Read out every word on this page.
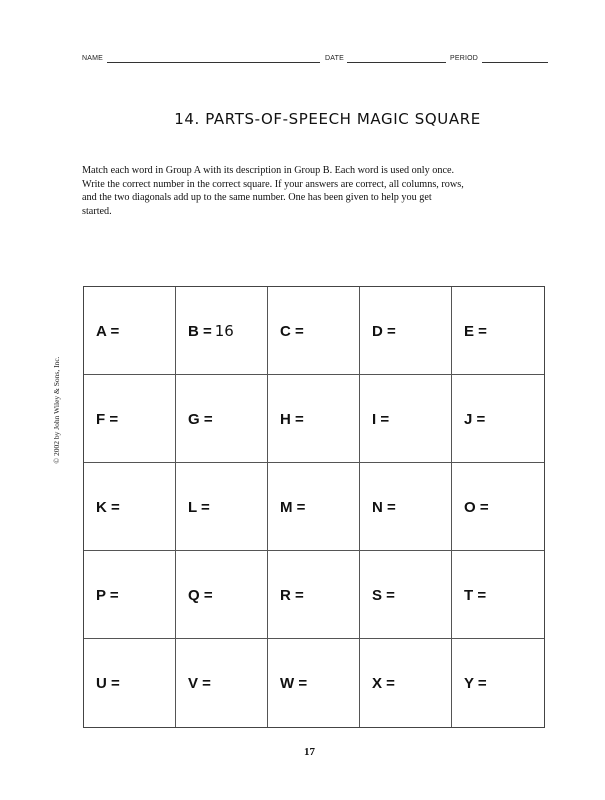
NAME	DATE	PERIOD
14. PARTS-OF-SPEECH MAGIC SQUARE
Match each word in Group A with its description in Group B. Each word is used only once.
Write the correct number in the correct square. If your answers are correct, all columns, rows,
and the two diagonals add up to the same number. One has been given to help you get
started.
© 2002 by John Wiley & Sons, Inc.
A =	B = 16	C =	D =	E =
F =	G =	H =	I =	J =
K =	L =	M =	N =	O =
P =	Q =	R =	S =	T =
U =	V =	W =	X =	Y =
17
